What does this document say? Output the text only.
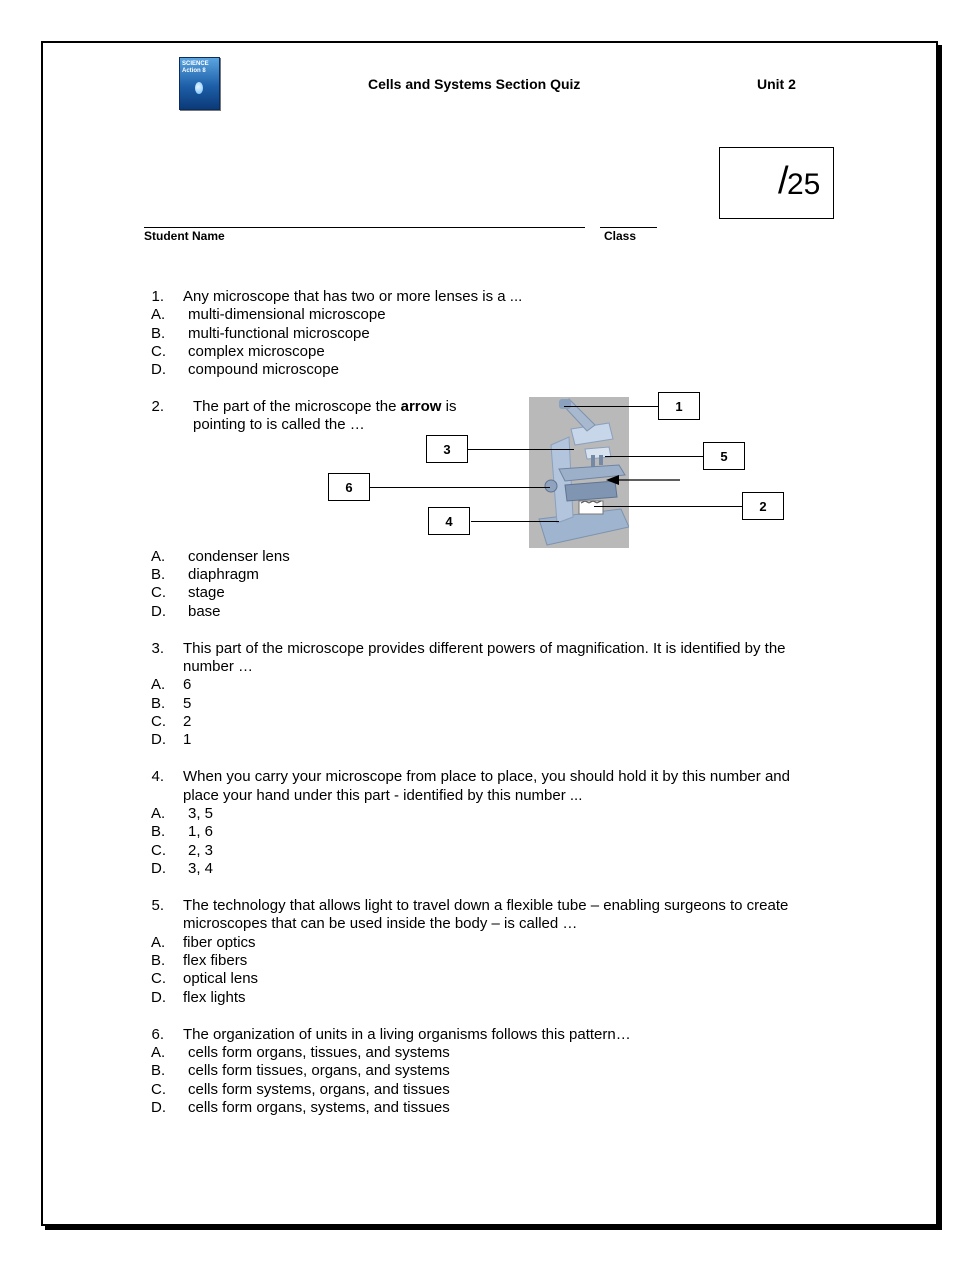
SCIENCE Action 8
Cells and Systems Section Quiz	Unit 2
/
25
Student Name	Class
1. Any microscope that has two or more lenses is a ...
A.	multi-dimensional microscope
B.	multi-functional microscope
C.	complex microscope
D.	compound microscope
2. The part of the microscope the arrow is
pointing to is called the …
1
3	5
6
2
4
A.	condenser lens
B.	diaphragm
C.	stage
D.	base
3. This part of the microscope provides different powers of magnification. It is identified by the
number …
A.	6
B.	5
C.	2
D.	1
4. When you carry your microscope from place to place, you should hold it by this number and
place your hand under this part - identified by this number ...
A.	3, 5
B.	1, 6
C.	2, 3
D.	3, 4
5. The technology that allows light to travel down a flexible tube – enabling surgeons to create
microscopes that can be used inside the body – is called …
A.	fiber optics
B.	flex fibers
C.	optical lens
D.	flex lights
6. The organization of units in a living organisms follows this pattern…
A.	cells form organs, tissues, and systems
B.	cells form tissues, organs, and systems
C.	cells form systems, organs, and tissues
D.	cells form organs, systems, and tissues
